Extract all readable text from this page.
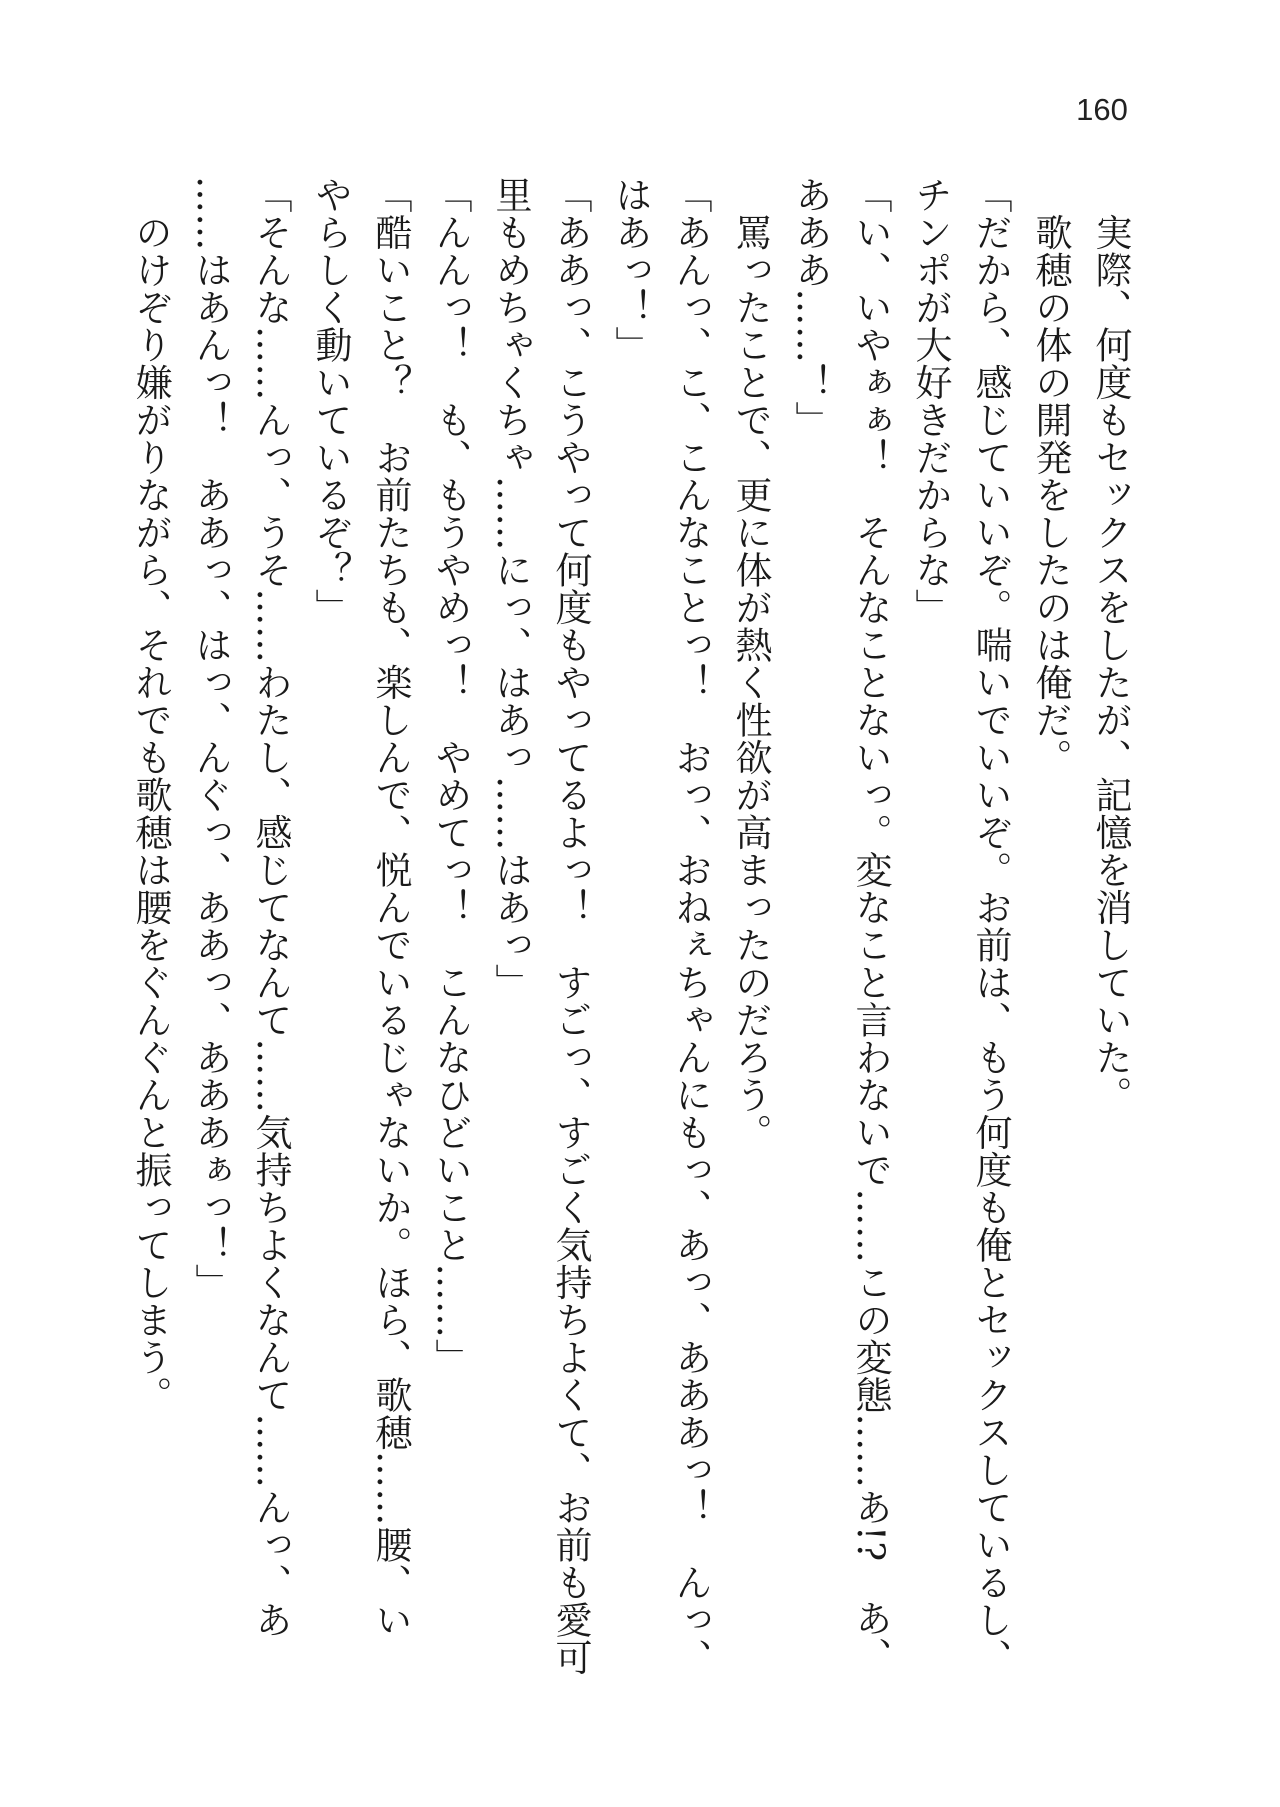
160
　実際、何度もセックスをしたが、記憶を消していた。
　歌穂の体の開発をしたのは俺だ。
「だから、感じていいぞ。喘いでいいぞ。お前は、もう何度も俺とセックスしているし、
チンポが大好きだからな」
「い、いやぁぁ！　そんなことないっ。変なこと言わないで……この変態……あ!?　あ、
あああ……！」
　罵ったことで、更に体が熱く性欲が高まったのだろう。
「あんっ、こ、こんなことっ！　おっ、おねぇちゃんにもっ、あっ、あああっ！　んっ、
はあっ！」
「ああっ、こうやって何度もやってるよっ！　すごっ、すごく気持ちよくて、お前も愛可
里もめちゃくちゃ……にっ、はあっ……はあっ」
「んんっ！　も、もうやめっ！　やめてっ！　こんなひどいこと……」
「酷いこと？　お前たちも、楽しんで、悦んでいるじゃないか。ほら、歌穂……腰、い
やらしく動いているぞ？」
「そんな……んっ、うそ……わたし、感じてなんて……気持ちよくなんて……んっ、あ
……はあんっ！　ああっ、はっ、んぐっ、ああっ、あああぁっ！」
　のけぞり嫌がりながら、それでも歌穂は腰をぐんぐんと振ってしまう。
